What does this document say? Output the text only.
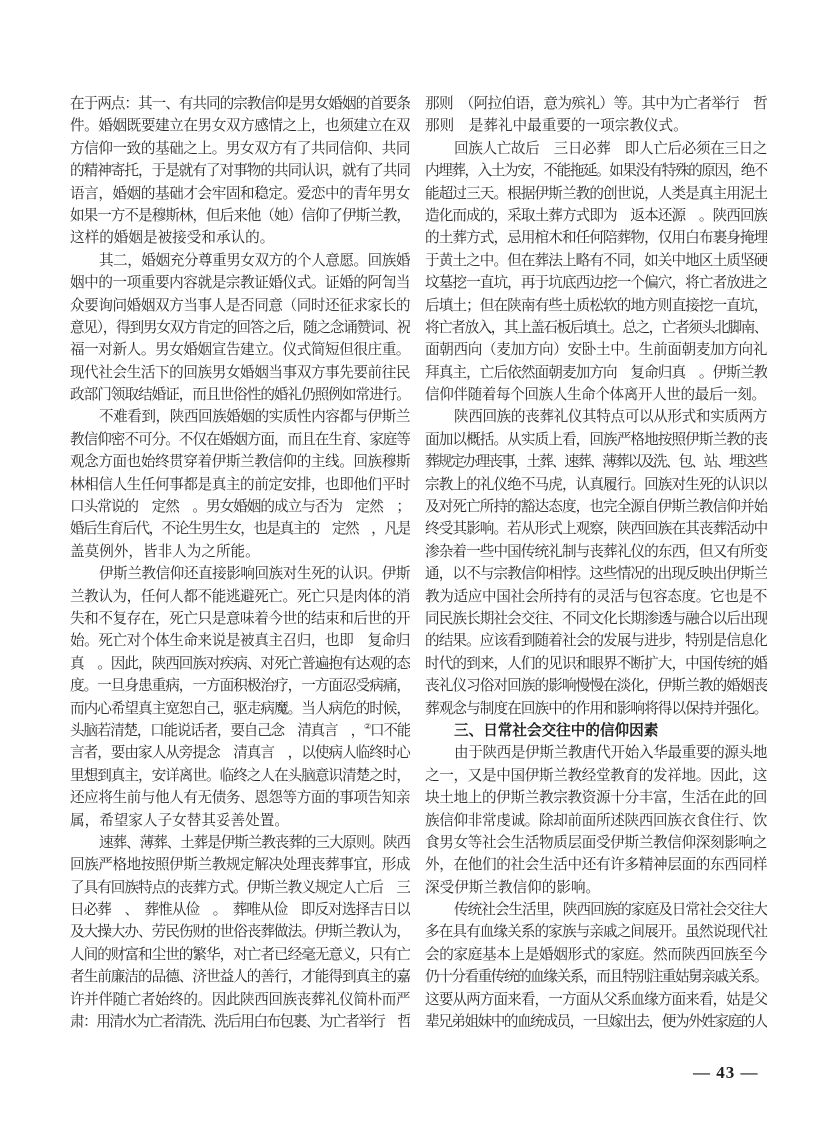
在于两点：其一、有共同的宗教信仰是男女婚姻的首要条
件。婚姻既要建立在男女双方感情之上，也须建立在双
方信仰一致的基础之上。男女双方有了共同信仰、共同
的精神寄托，于是就有了对事物的共同认识，就有了共同
语言，婚姻的基础才会牢固和稳定。爱恋中的青年男女
如果一方不是穆斯林，但后来他（她）信仰了伊斯兰教，
这样的婚姻是被接受和承认的。
其二，婚姻充分尊重男女双方的个人意愿。回族婚
姻中的一项重要内容就是宗教证婚仪式。证婚的阿訇当
众要询问婚姻双方当事人是否同意（同时还征求家长的
意见），得到男女双方肯定的回答之后，随之念诵赞词、祝
福一对新人。男女婚姻宣告建立。仪式简短但很庄重。
现代社会生活下的回族男女婚姻当事双方事先要前往民
政部门领取结婚证，而且世俗性的婚礼仍照例如常进行。
不难看到，陕西回族婚姻的实质性内容都与伊斯兰
教信仰密不可分。不仅在婚姻方面，而且在生育、家庭等
观念方面也始终贯穿着伊斯兰教信仰的主线。回族穆斯
林相信人生任何事都是真主的前定安排，也即他们平时
口头常说的　定然　。男女婚姻的成立与否为　定然　；
婚后生育后代，不论生男生女，也是真主的　定然　，凡是
盖莫例外，皆非人为之所能。
伊斯兰教信仰还直接影响回族对生死的认识。伊斯
兰教认为，任何人都不能逃避死亡。死亡只是肉体的消
失和不复存在，死亡只是意味着今世的结束和后世的开
始。死亡对个体生命来说是被真主召归，也即　复命归
真　。因此，陕西回族对疾病、对死亡普遍抱有达观的态
度。一旦身患重病，一方面积极治疗，一方面忍受病痛，
而内心希望真主宽恕自己，驱走病魔。当人病危的时候，
头脑若清楚，口能说话者，要自己念　清真言　，②口不能
言者，要由家人从旁提念　清真言　，以使病人临终时心
里想到真主，安详离世。临终之人在头脑意识清楚之时，
还应将生前与他人有无债务、恩怨等方面的事项告知亲
属，希望家人子女替其妥善处置。
速葬、薄葬、土葬是伊斯兰教丧葬的三大原则。陕西
回族严格地按照伊斯兰教规定解决处理丧葬事宜，形成
了具有回族特点的丧葬方式。伊斯兰教义规定人亡后　三
日必葬　、　葬惟从俭　。　葬唯从俭　即反对选择吉日以
及大操大办、劳民伤财的世俗丧葬做法。伊斯兰教认为，
人间的财富和尘世的繁华，对亡者已经毫无意义，只有亡
者生前廉洁的品德、济世益人的善行，才能得到真主的嘉
许并伴随亡者始终的。因此陕西回族丧葬礼仪简朴而严
肃：用清水为亡者清洗、洗后用白布包裹、为亡者举行　哲
那则　（阿拉伯语，意为殡礼）等。其中为亡者举行　哲
那则　是葬礼中最重要的一项宗教仪式。
回族人亡故后　三日必葬　即人亡后必须在三日之
内埋葬，入土为安，不能拖延。如果没有特殊的原因，绝不
能超过三天。根据伊斯兰教的创世说，人类是真主用泥土
造化而成的，采取土葬方式即为　返本还源　。陕西回族
的土葬方式，忌用棺木和任何陪葬物，仅用白布裹身掩埋
于黄土之中。但在葬法上略有不同，如关中地区土质坚硬
坟墓挖一直坑，再于坑底西边挖一个偏穴，将亡者放进之
后填土；但在陕南有些土质松软的地方则直接挖一直坑，
将亡者放入，其上盖石板后填土。总之，亡者须头北脚南、
面朝西向（麦加方向）安卧土中。生前面朝麦加方向礼
拜真主，亡后依然面朝麦加方向　复命归真　。伊斯兰教
信仰伴随着每个回族人生命个体离开人世的最后一刻。
陕西回族的丧葬礼仪其特点可以从形式和实质两方
面加以概括。从实质上看，回族严格地按照伊斯兰教的丧
葬规定办理丧事，土葬、速葬、薄葬以及洗、包、站、埋这些
宗教上的礼仪绝不马虎，认真履行。回族对生死的认识以
及对死亡所持的豁达态度，也完全源自伊斯兰教信仰并始
终受其影响。若从形式上观察，陕西回族在其丧葬活动中
渗杂着一些中国传统礼制与丧葬礼仪的东西，但又有所变
通，以不与宗教信仰相悖。这些情况的出现反映出伊斯兰
教为适应中国社会所持有的灵活与包容态度。它也是不
同民族长期社会交往、不同文化长期渗透与融合以后出现
的结果。应该看到随着社会的发展与进步，特别是信息化
时代的到来，人们的见识和眼界不断扩大，中国传统的婚
丧礼仪习俗对回族的影响慢慢在淡化，伊斯兰教的婚姻丧
葬观念与制度在回族中的作用和影响将得以保持并强化。
三、日常社会交往中的信仰因素
由于陕西是伊斯兰教唐代开始入华最重要的源头地
之一，又是中国伊斯兰教经堂教育的发祥地。因此，这
块土地上的伊斯兰教宗教资源十分丰富，生活在此的回
族信仰非常虔诚。除却前面所述陕西回族衣食住行、饮
食男女等社会生活物质层面受伊斯兰教信仰深刻影响之
外，在他们的社会生活中还有许多精神层面的东西同样
深受伊斯兰教信仰的影响。
传统社会生活里，陕西回族的家庭及日常社会交往大
多在具有血缘关系的家族与亲戚之间展开。虽然说现代社
会的家庭基本上是婚姻形式的家庭。然而陕西回族至今
仍十分看重传统的血缘关系，而且特别注重姑舅亲戚关系。
这要从两方面来看，一方面从父系血缘方面来看，姑是父
辈兄弟姐妹中的血统成员，一旦嫁出去，便为外姓家庭的人
— 43 —
